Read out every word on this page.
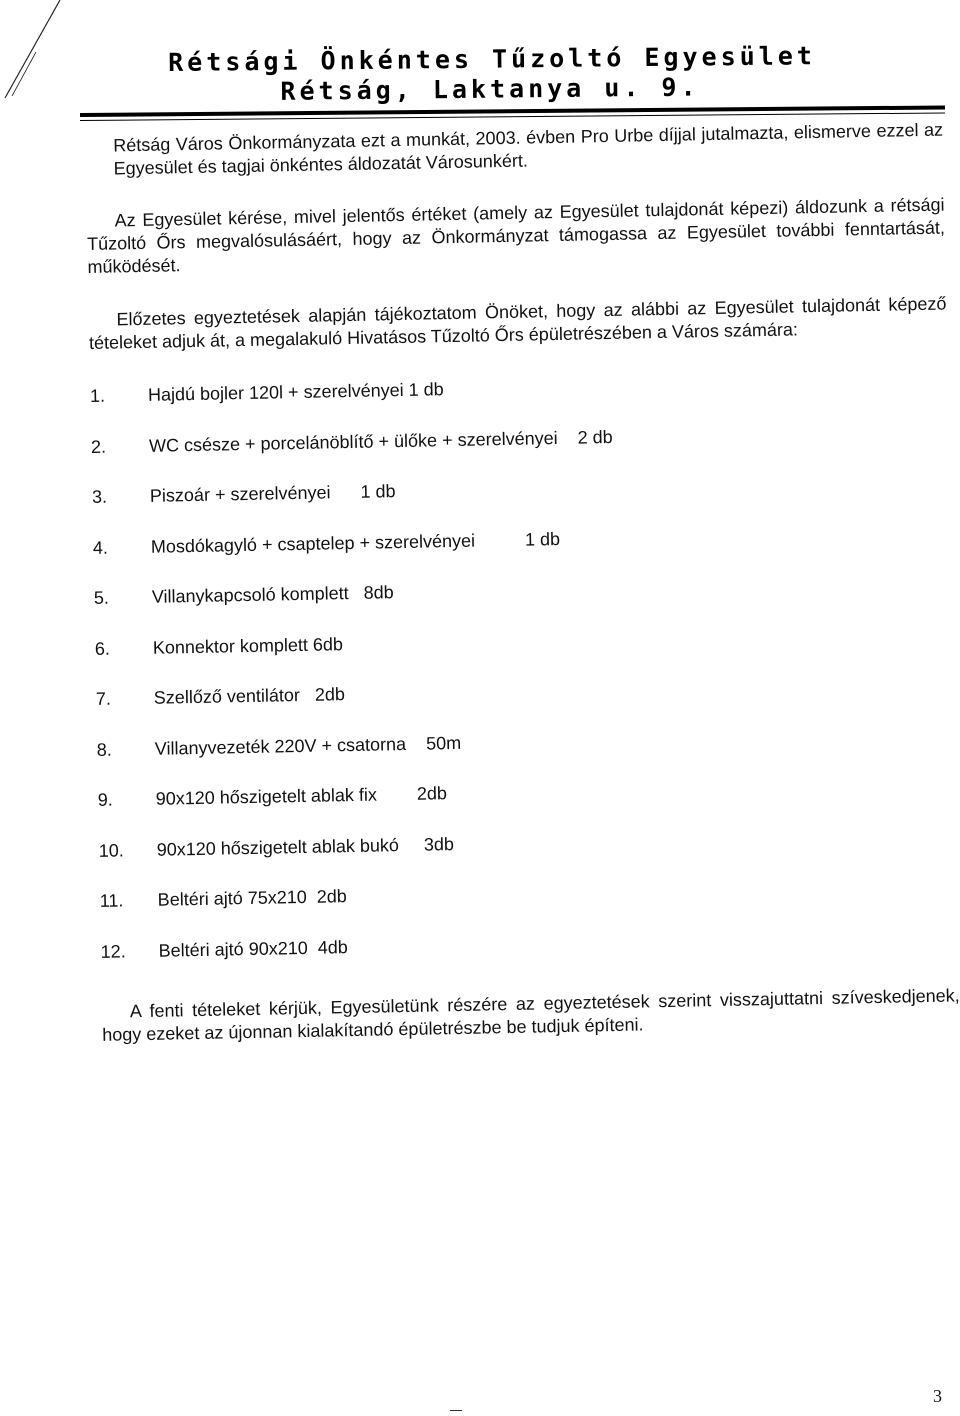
Rétsági Önkéntes Tűzoltó Egyesület
Rétság, Laktanya u. 9.

Rétság Város Önkormányzata ezt a munkát, 2003. évben Pro Urbe díjjal jutalmazta, elismerve ezzel az Egyesület és tagjai önkéntes áldozatát Városunkért.

Az Egyesület kérése, mivel jelentős értéket (amely az Egyesület tulajdonát képezi) áldozunk a rétsági Tűzoltó Őrs megvalósulásáért, hogy az Önkormányzat támogassa az Egyesület további fenntartását, működését.

Előzetes egyeztetések alapján tájékoztatom Önöket, hogy az alábbi az Egyesület tulajdonát képező tételeket adjuk át, a megalakuló Hivatásos Tűzoltó Őrs épületrészében a Város számára:

1.	Hajdú bojler 120l + szerelvényei 1 db
2.	WC csésze + porcelánöblítő + ülőke + szerelvényei    2 db
3.	Piszoár + szerelvényei      1 db
4.	Mosdókagyló + csaptelep + szerelvényei          1 db
5.	Villanykapcsoló komplett   8db
6.	Konnektor komplett 6db
7.	Szellőző ventilátor   2db
8.	Villanyvezeték 220V + csatorna    50m
9.	90x120 hőszigetelt ablak fix        2db
10.	90x120 hőszigetelt ablak bukó     3db
11.	Beltéri ajtó 75x210  2db
12.	Beltéri ajtó 90x210  4db

A fenti tételeket kérjük, Egyesületünk részére az egyeztetések szerint visszajuttatni szíveskedjenek, hogy ezeket az újonnan kialakítandó épületrészbe be tudjuk építeni.

3
